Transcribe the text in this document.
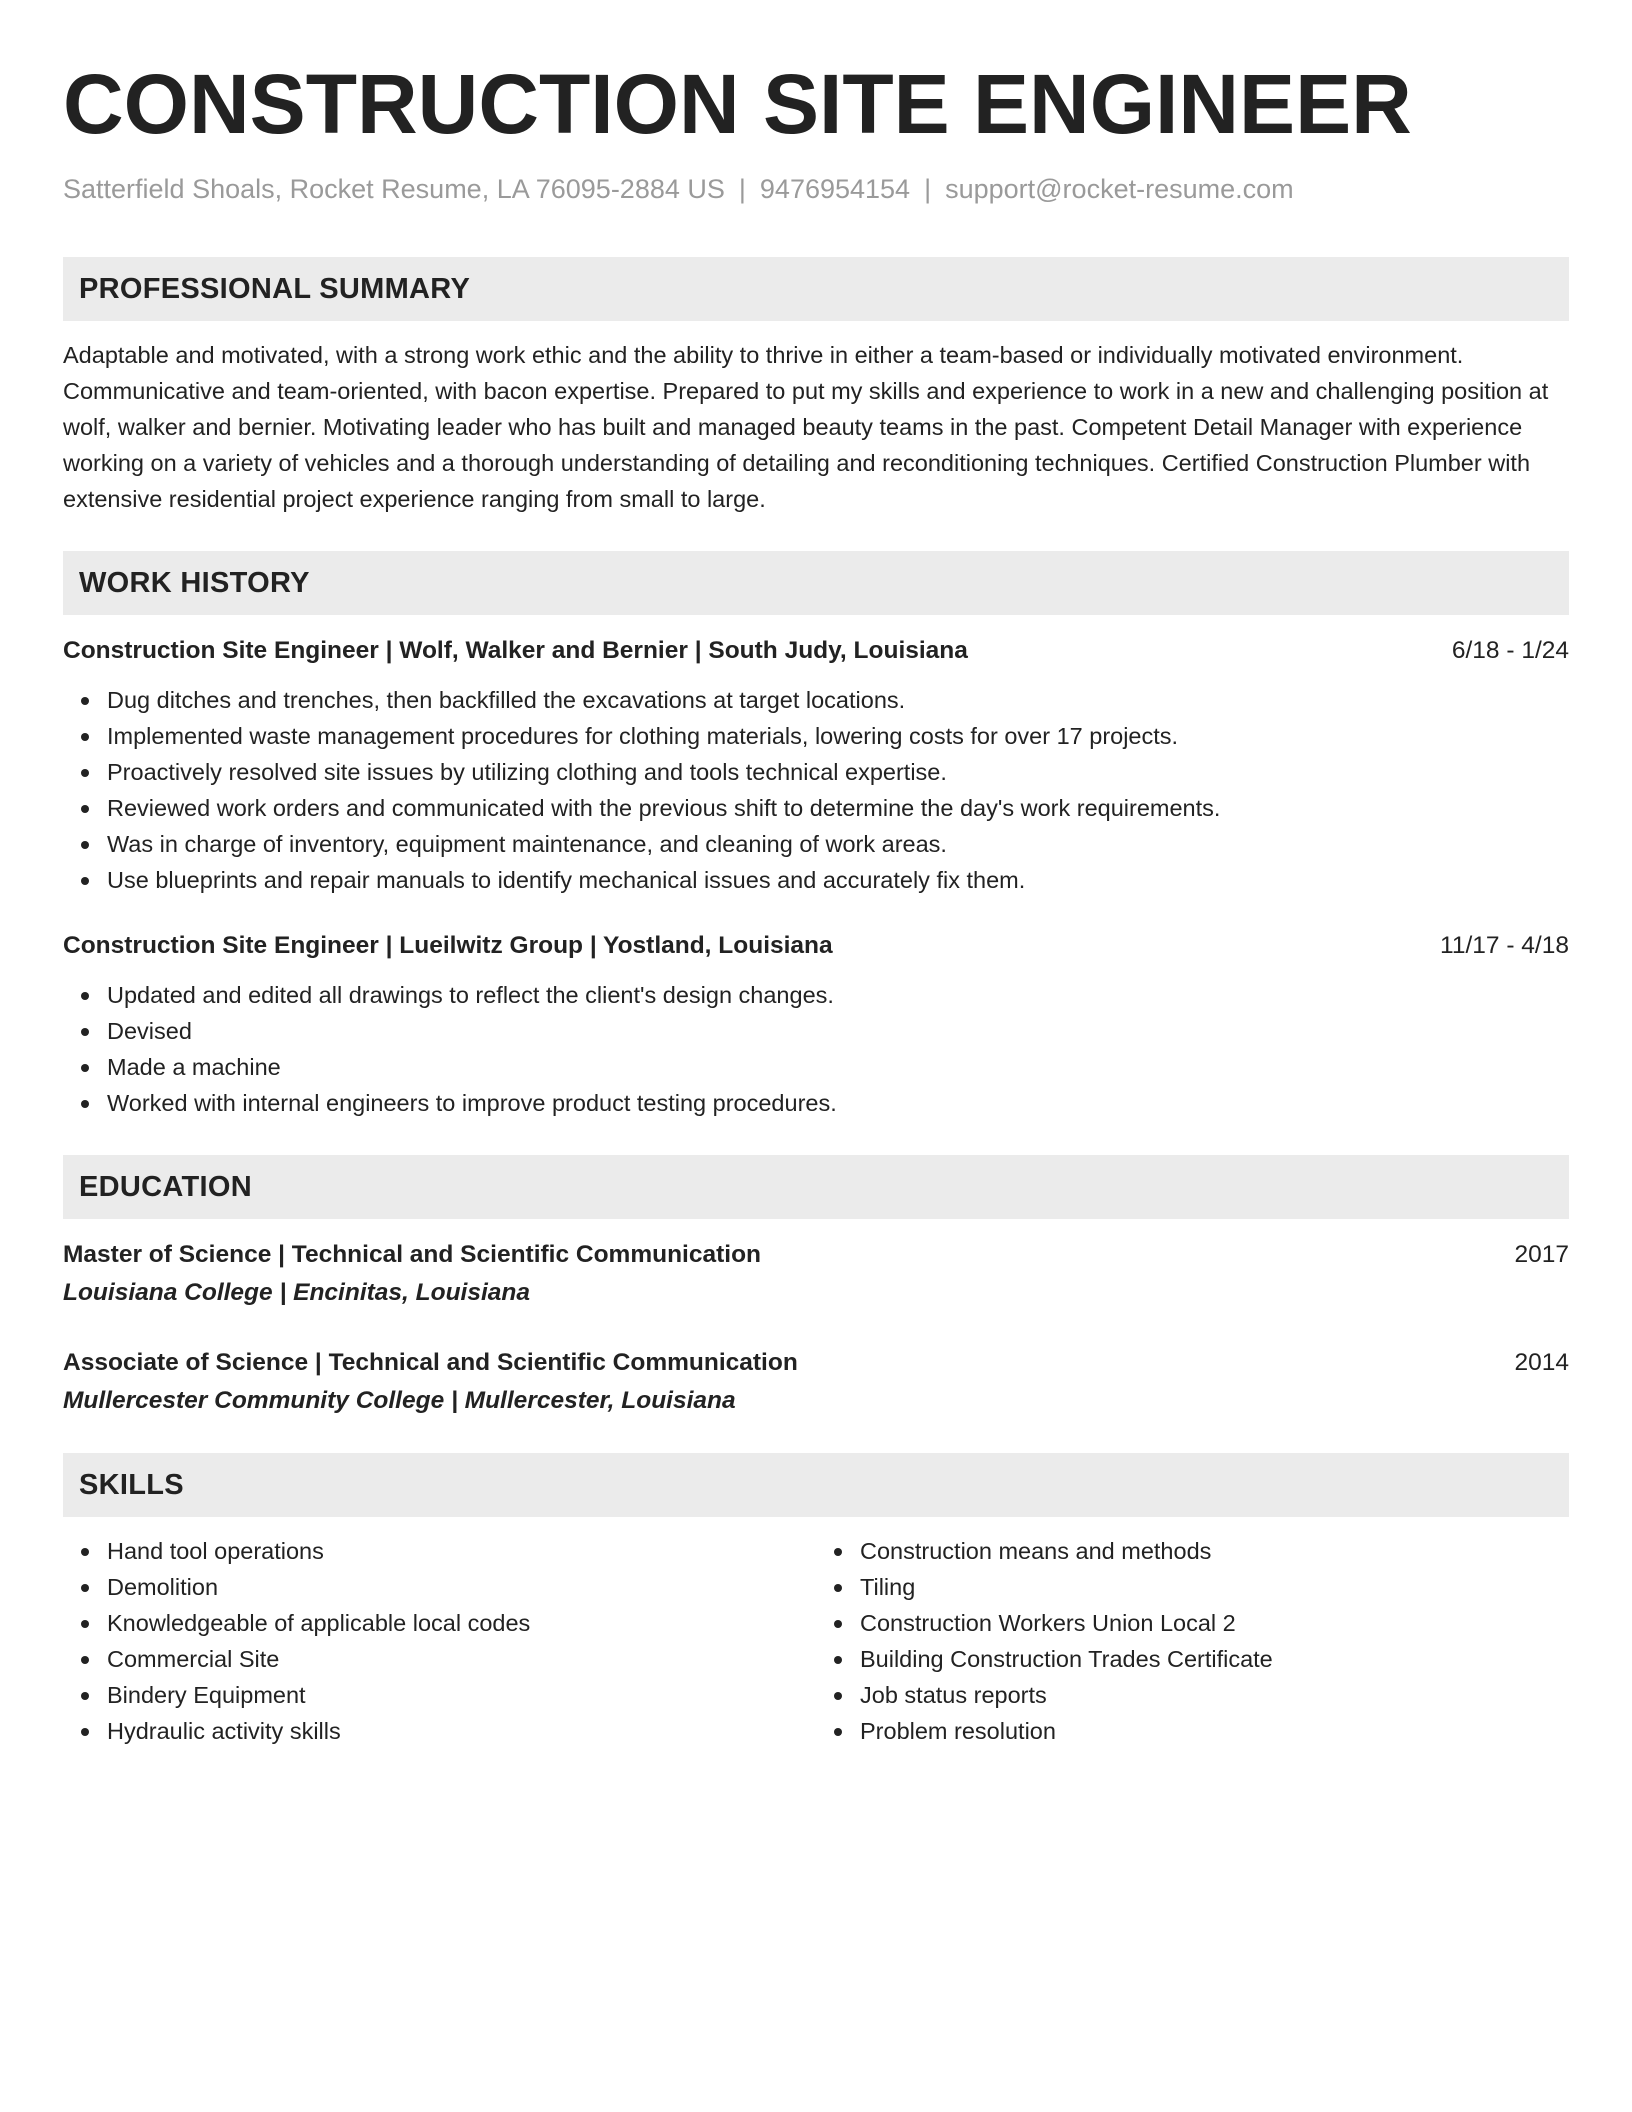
CONSTRUCTION SITE ENGINEER
Satterfield Shoals, Rocket Resume, LA 76095-2884 US | 9476954154 | support@rocket-resume.com
PROFESSIONAL SUMMARY
Adaptable and motivated, with a strong work ethic and the ability to thrive in either a team-based or individually motivated environment. Communicative and team-oriented, with bacon expertise. Prepared to put my skills and experience to work in a new and challenging position at wolf, walker and bernier. Motivating leader who has built and managed beauty teams in the past. Competent Detail Manager with experience working on a variety of vehicles and a thorough understanding of detailing and reconditioning techniques. Certified Construction Plumber with extensive residential project experience ranging from small to large.
WORK HISTORY
Construction Site Engineer | Wolf, Walker and Bernier | South Judy, Louisiana	6/18 - 1/24
Dug ditches and trenches, then backfilled the excavations at target locations.
Implemented waste management procedures for clothing materials, lowering costs for over 17 projects.
Proactively resolved site issues by utilizing clothing and tools technical expertise.
Reviewed work orders and communicated with the previous shift to determine the day's work requirements.
Was in charge of inventory, equipment maintenance, and cleaning of work areas.
Use blueprints and repair manuals to identify mechanical issues and accurately fix them.
Construction Site Engineer | Lueilwitz Group | Yostland, Louisiana	11/17 - 4/18
Updated and edited all drawings to reflect the client's design changes.
Devised
Made a machine
Worked with internal engineers to improve product testing procedures.
EDUCATION
Master of Science | Technical and Scientific Communication	2017
Louisiana College | Encinitas, Louisiana
Associate of Science | Technical and Scientific Communication	2014
Mullercester Community College | Mullercester, Louisiana
SKILLS
Hand tool operations
Demolition
Knowledgeable of applicable local codes
Commercial Site
Bindery Equipment
Hydraulic activity skills
Construction means and methods
Tiling
Construction Workers Union Local 2
Building Construction Trades Certificate
Job status reports
Problem resolution
